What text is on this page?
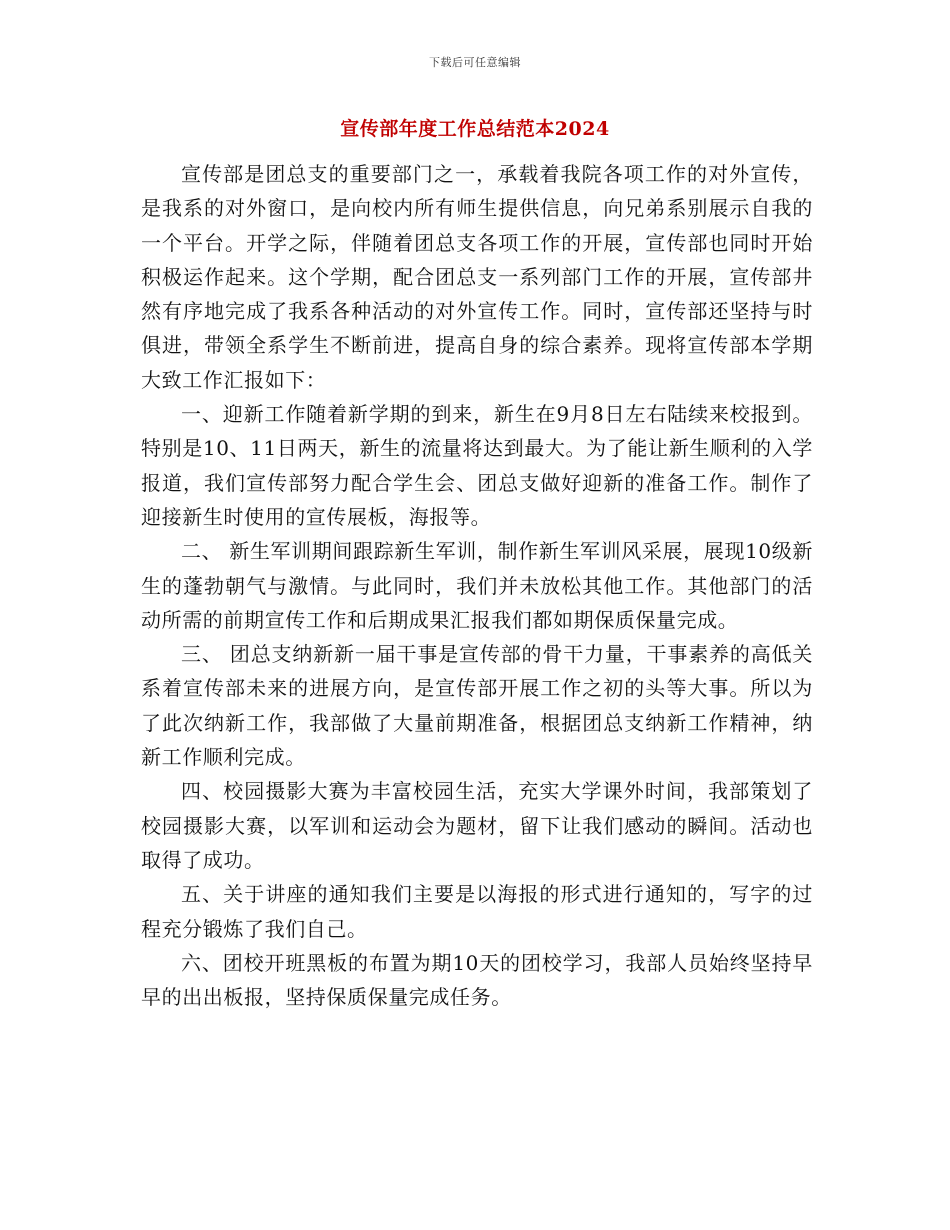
下载后可任意编辑
宣传部年度工作总结范本2024

宣传部是团总支的重要部门之一，承载着我院各项工作的对外宣传，是我系的对外窗口，是向校内所有师生提供信息，向兄弟系别展示自我的一个平台。开学之际，伴随着团总支各项工作的开展，宣传部也同时开始积极运作起来。这个学期，配合团总支一系列部门工作的开展，宣传部井然有序地完成了我系各种活动的对外宣传工作。同时，宣传部还坚持与时俱进，带领全系学生不断前进，提高自身的综合素养。现将宣传部本学期大致工作汇报如下：

一、迎新工作随着新学期的到来，新生在9月8日左右陆续来校报到。特别是10、11日两天，新生的流量将达到最大。为了能让新生顺利的入学报道，我们宣传部努力配合学生会、团总支做好迎新的准备工作。制作了迎接新生时使用的宣传展板，海报等。

二、 新生军训期间跟踪新生军训，制作新生军训风采展，展现10级新生的蓬勃朝气与激情。与此同时，我们并未放松其他工作。其他部门的活动所需的前期宣传工作和后期成果汇报我们都如期保质保量完成。

三、 团总支纳新新一届干事是宣传部的骨干力量，干事素养的高低关系着宣传部未来的进展方向，是宣传部开展工作之初的头等大事。所以为了此次纳新工作，我部做了大量前期准备，根据团总支纳新工作精神，纳新工作顺利完成。

四、校园摄影大赛为丰富校园生活，充实大学课外时间，我部策划了校园摄影大赛，以军训和运动会为题材，留下让我们感动的瞬间。活动也取得了成功。

五、关于讲座的通知我们主要是以海报的形式进行通知的，写字的过程充分锻炼了我们自己。

六、团校开班黑板的布置为期10天的团校学习，我部人员始终坚持早早的出出板报，坚持保质保量完成任务。
